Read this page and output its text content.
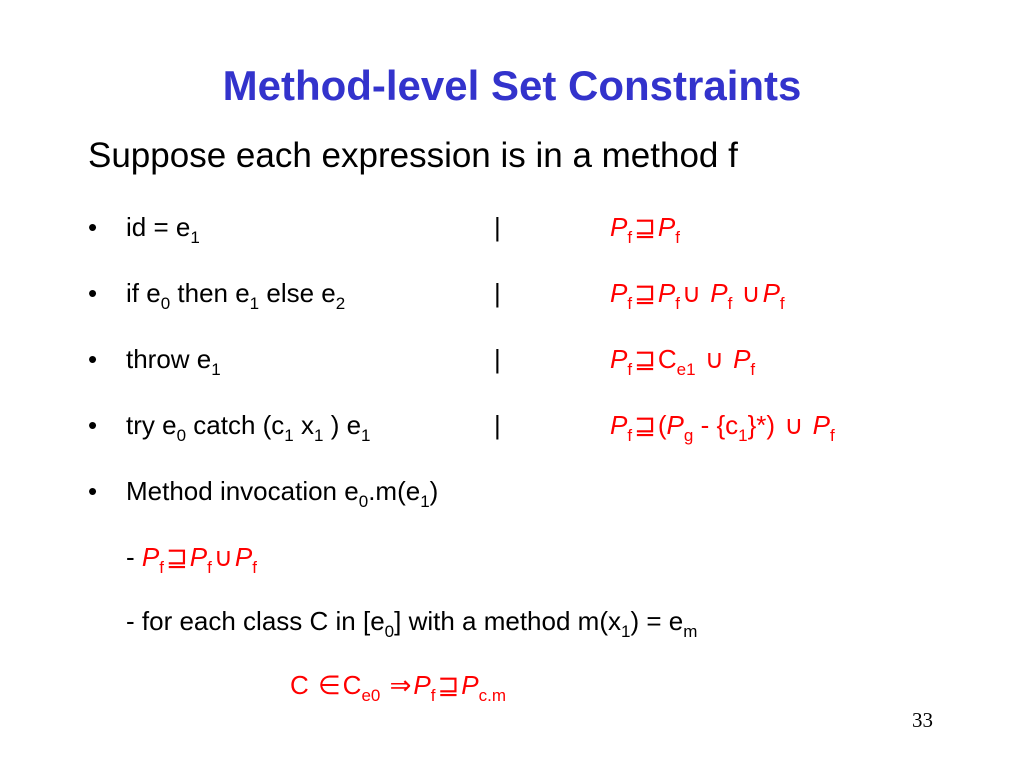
Method-level Set Constraints
Suppose each expression is in a method f
• id = $e_1$	|	$P_f⊒P_f$
• if $e_0$ then $e_1$ else $e_2$	|	$P_f⊒P_f\cup$ $P_f$ $\cup P_f$
• throw $e_1$	|	$P_f⊒C_{e1}$ ∪ $P_f$
• try $e_0$ catch ($c_1$ $x_1$ ) $e_1$	|	$P_f⊒(P_g - \{c_1\}*)$ ∪ $P_f$
• Method invocation $e_0.m(e_1)$
- $P_f⊒P_f\cup P_f$
- for each class C in $[e_0]$ with a method $m(x_1) = e_m$
C $\in C_{e0}$ $\Rightarrow P_f⊒P_{c.m}$
33
